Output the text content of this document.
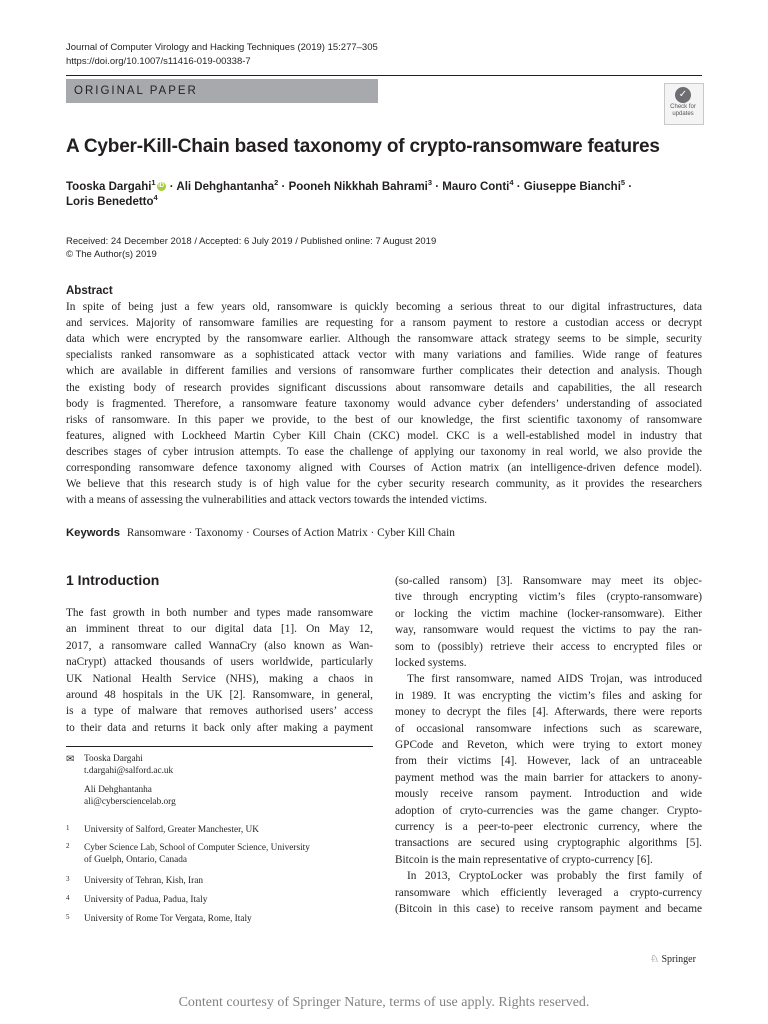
Journal of Computer Virology and Hacking Techniques (2019) 15:277–305
https://doi.org/10.1007/s11416-019-00338-7
ORIGINAL PAPER	✓
Check for updates
A Cyber-Kill-Chain based taxonomy of crypto-ransomware features
Tooska Dargahi$^1$ iD · Ali Dehghantanha$^2$ · Pooneh Nikkhah Bahrami$^3$ · Mauro Conti$^4$ · Giuseppe Bianchi$^5$ ·
Loris Benedetto$^4$
Received: 24 December 2018 / Accepted: 6 July 2019 / Published online: 7 August 2019
© The Author(s) 2019
Abstract
In spite of being just a few years old, ransomware is quickly becoming a serious threat to our digital infrastructures, data
and services. Majority of ransomware families are requesting for a ransom payment to restore a custodian access or decrypt
data which were encrypted by the ransomware earlier. Although the ransomware attack strategy seems to be simple, security
specialists ranked ransomware as a sophisticated attack vector with many variations and families. Wide range of features
which are available in different families and versions of ransomware further complicates their detection and analysis. Though
the existing body of research provides significant discussions about ransomware details and capabilities, the all research
body is fragmented. Therefore, a ransomware feature taxonomy would advance cyber defenders’ understanding of associated
risks of ransomware. In this paper we provide, to the best of our knowledge, the first scientific taxonomy of ransomware
features, aligned with Lockheed Martin Cyber Kill Chain (CKC) model. CKC is a well-established model in industry that
describes stages of cyber intrusion attempts. To ease the challenge of applying our taxonomy in real world, we also provide the
corresponding ransomware defence taxonomy aligned with Courses of Action matrix (an intelligence-driven defence model).
We believe that this research study is of high value for the cyber security research community, as it provides the researchers
with a means of assessing the vulnerabilities and attack vectors towards the intended victims.
Keywords Ransomware · Taxonomy · Courses of Action Matrix · Cyber Kill Chain
1 Introduction
The fast growth in both number and types made ransomware
an imminent threat to our digital data [1]. On May 12,
2017, a ransomware called WannaCry (also known as Wan-
naCrypt) attacked thousands of users worldwide, particularly
UK National Health Service (NHS), making a chaos in
around 48 hospitals in the UK [2]. Ransomware, in general,
is a type of malware that removes authorised users’ access
to their data and returns it back only after making a payment
(so-called ransom) [3]. Ransomware may meet its objec-
tive through encrypting victim’s files (crypto-ransomware)
or locking the victim machine (locker-ransomware). Either
way, ransomware would request the victims to pay the ran-
som to (possibly) retrieve their access to encrypted files or
locked systems.
The first ransomware, named AIDS Trojan, was introduced
in 1989. It was encrypting the victim’s files and asking for
money to decrypt the files [4]. Afterwards, there were reports
of occasional ransomware infections such as scareware,
GPCode and Reveton, which were trying to extort money
from their victims [4]. However, lack of an untraceable
payment method was the main barrier for attackers to anony-
mously receive ransom payment. Introduction and wide
adoption of cryto-currencies was the game changer. Crypto-
currency is a peer-to-peer electronic currency, where the
transactions are secured using cryptographic algorithms [5].
Bitcoin is the main representative of crypto-currency [6].
In 2013, CryptoLocker was probably the first family of
ransomware which efficiently leveraged a crypto-currency
(Bitcoin in this case) to receive ransom payment and became
✉ Tooska Dargahi
t.dargahi@salford.ac.uk
Ali Dehghantanha
ali@cybersciencelab.org
1 University of Salford, Greater Manchester, UK
2 Cyber Science Lab, School of Computer Science, University
of Guelph, Ontario, Canada
3 University of Tehran, Kish, Iran
4 University of Padua, Padua, Italy
5 University of Rome Tor Vergata, Rome, Italy
♘ Springer
Content courtesy of Springer Nature, terms of use apply. Rights reserved.
